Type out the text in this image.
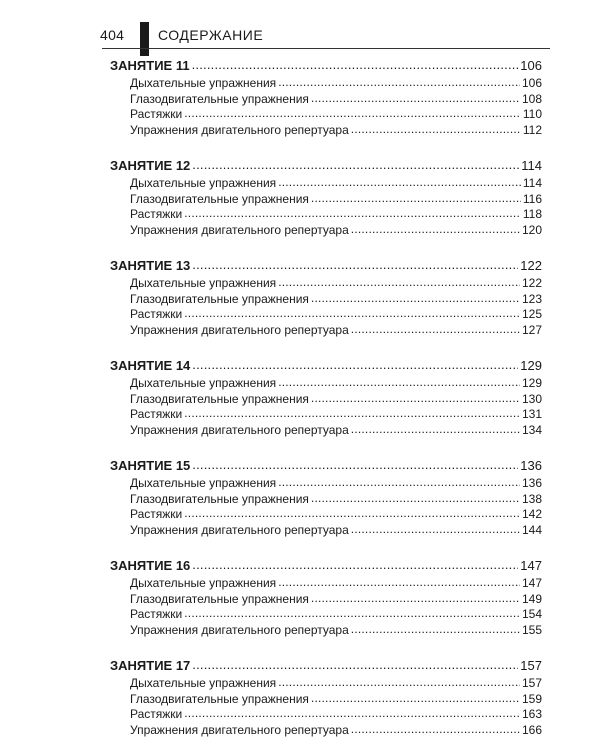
404 СОДЕРЖАНИЕ
ЗАНЯТИЕ 11 .....	106
Дыхательные упражнения .....	106
Глазодвигательные упражнения .....	108
Растяжки .....	110
Упражнения двигательного репертуара .....	112
ЗАНЯТИЕ 12 .....	114
Дыхательные упражнения .....	114
Глазодвигательные упражнения .....	116
Растяжки .....	118
Упражнения двигательного репертуара .....	120
ЗАНЯТИЕ 13 .....	122
Дыхательные упражнения .....	122
Глазодвигательные упражнения .....	123
Растяжки .....	125
Упражнения двигательного репертуара .....	127
ЗАНЯТИЕ 14 .....	129
Дыхательные упражнения .....	129
Глазодвигательные упражнения .....	130
Растяжки .....	131
Упражнения двигательного репертуара .....	134
ЗАНЯТИЕ 15 .....	136
Дыхательные упражнения .....	136
Глазодвигательные упражнения .....	138
Растяжки .....	142
Упражнения двигательного репертуара .....	144
ЗАНЯТИЕ 16 .....	147
Дыхательные упражнения .....	147
Глазодвигательные упражнения .....	149
Растяжки .....	154
Упражнения двигательного репертуара .....	155
ЗАНЯТИЕ 17 .....	157
Дыхательные упражнения .....	157
Глазодвигательные упражнения .....	159
Растяжки .....	163
Упражнения двигательного репертуара .....	166
